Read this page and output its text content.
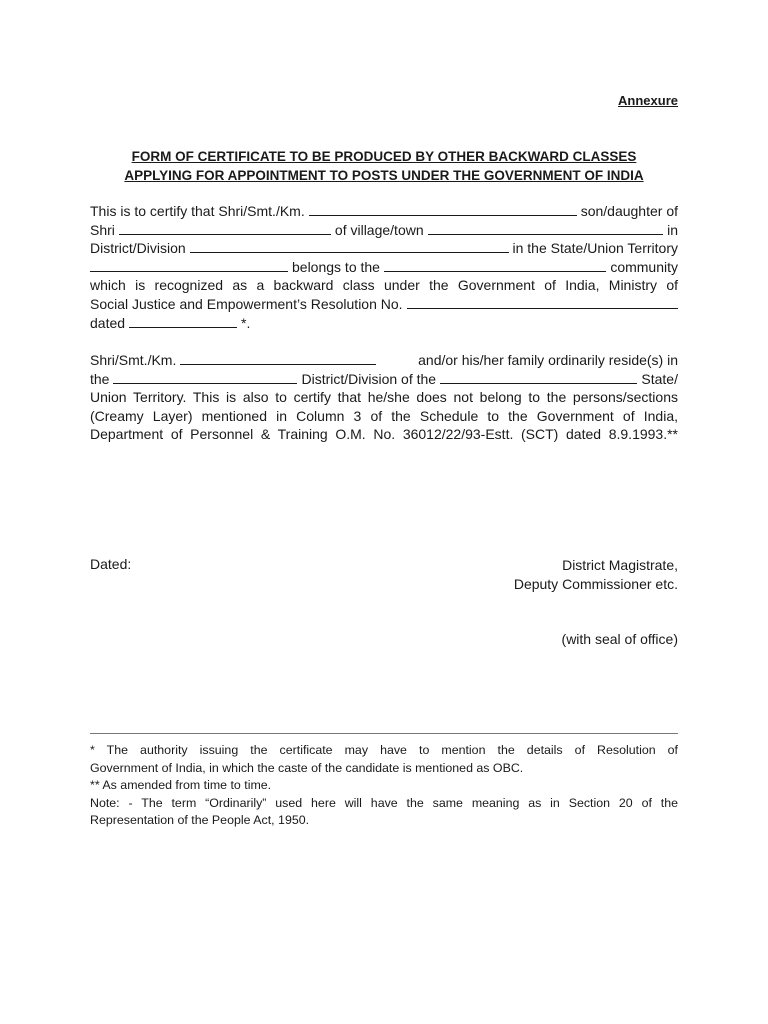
Annexure
FORM OF CERTIFICATE TO BE PRODUCED BY OTHER BACKWARD CLASSES
APPLYING FOR APPOINTMENT TO POSTS UNDER THE GOVERNMENT OF INDIA
This is to certify that Shri/Smt./Km.	son/daughter of
Shri	of village/town	in
District/Division	in the State/Union Territory
belongs to the	community
which is recognized as a backward class under the Government of India, Ministry of
Social Justice and Empowerment’s Resolution No.
dated	*.
Shri/Smt./Km.	and/or his/her family ordinarily reside(s) in
the	District/Division of the	State/
Union Territory. This is also to certify that he/she does not belong to the persons/sections
(Creamy Layer) mentioned in Column 3 of the Schedule to the Government of India,
Department of Personnel & Training O.M. No. 36012/22/93-Estt. (SCT) dated 8.9.1993.**
Dated:	District Magistrate,
Deputy Commissioner etc.
(with seal of office)
* The authority issuing the certificate may have to mention the details of Resolution of
Government of India, in which the caste of the candidate is mentioned as OBC.
** As amended from time to time.
Note: - The term “Ordinarily” used here will have the same meaning as in Section 20 of the
Representation of the People Act, 1950.
